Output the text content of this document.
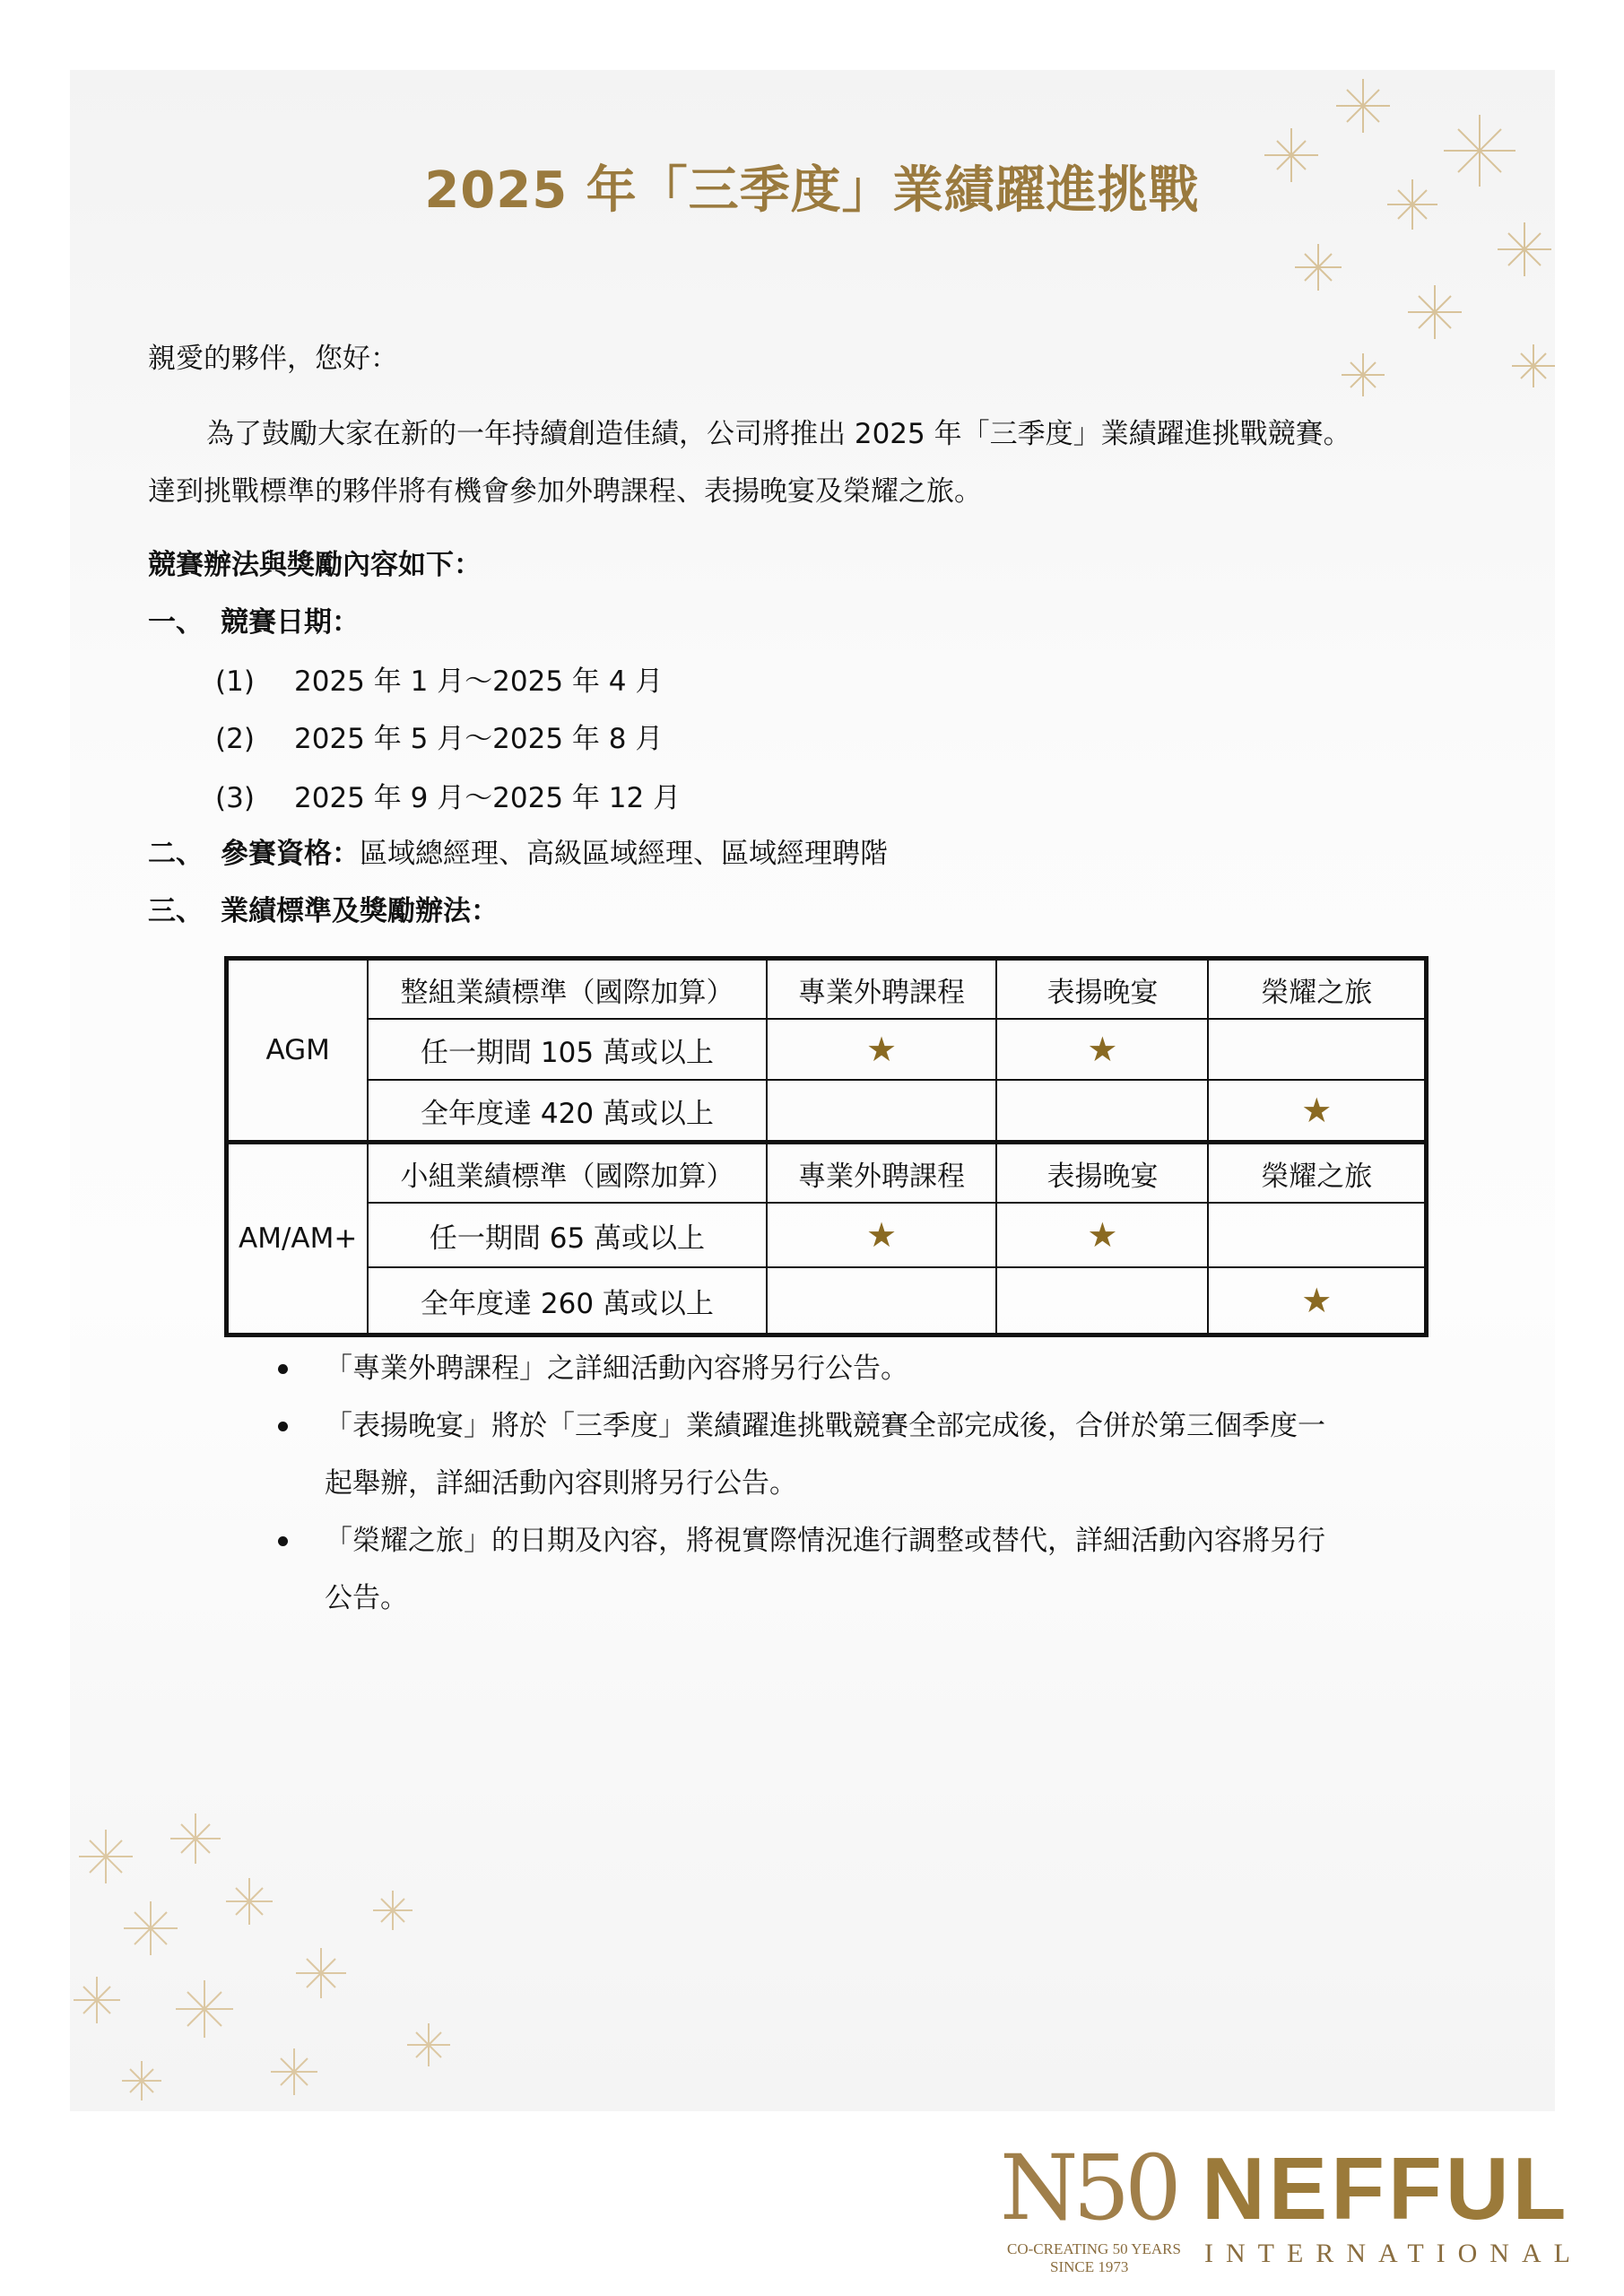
2025 年「三季度」業績躍進挑戰
親愛的夥伴，您好：
為了鼓勵大家在新的一年持續創造佳績，公司將推出 2025 年「三季度」業績躍進挑戰競賽。
達到挑戰標準的夥伴將有機會參加外聘課程、表揚晚宴及榮耀之旅。
競賽辦法與獎勵內容如下：
一、 競賽日期：
(1) 2025 年 1 月～2025 年 4 月
(2) 2025 年 5 月～2025 年 8 月
(3) 2025 年 9 月～2025 年 12 月
二、 參賽資格：區域總經理、高級區域經理、區域經理聘階
三、 業績標準及獎勵辦法：
AGM	整組業績標準（國際加算）	專業外聘課程	表揚晚宴	榮耀之旅
	任一期間 105 萬或以上	★	★	
	全年度達 420 萬或以上			★
AM/AM+	小組業績標準（國際加算）	專業外聘課程	表揚晚宴	榮耀之旅
	任一期間 65 萬或以上	★	★	
	全年度達 260 萬或以上			★
「專業外聘課程」之詳細活動內容將另行公告。
「表揚晚宴」將於「三季度」業績躍進挑戰競賽全部完成後，合併於第三個季度一
起舉辦，詳細活動內容則將另行公告。
「榮耀之旅」的日期及內容，將視實際情況進行調整或替代，詳細活動內容將另行
公告。
N50
CO-CREATING 50 YEARS
SINCE 1973
NEFFUL
INTERNATIONAL
